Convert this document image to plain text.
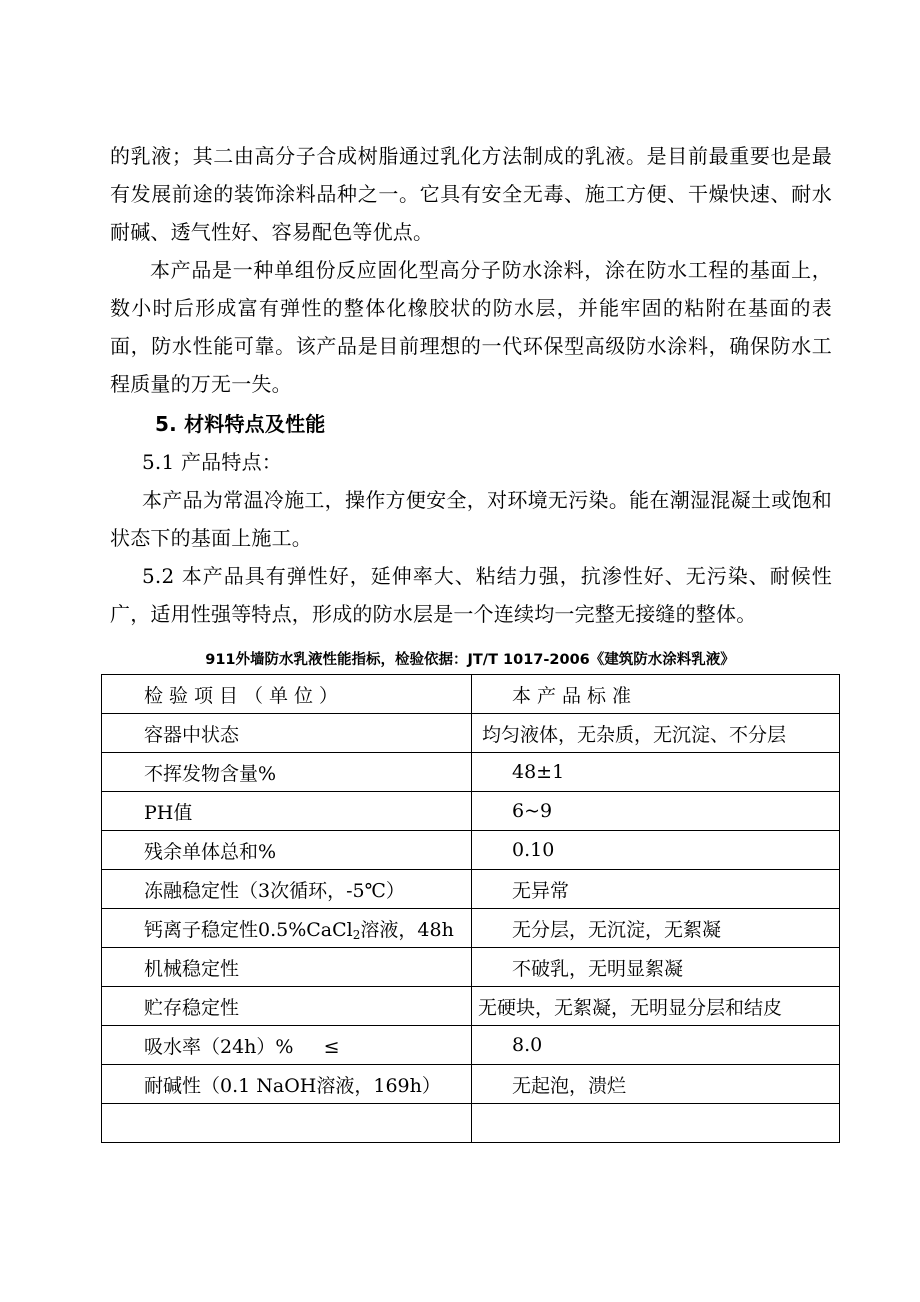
的乳液；其二由高分子合成树脂通过乳化方法制成的乳液。是目前最重要也是最有发展前途的装饰涂料品种之一。它具有安全无毒、施工方便、干燥快速、耐水耐碱、透气性好、容易配色等优点。

本产品是一种单组份反应固化型高分子防水涂料，涂在防水工程的基面上，数小时后形成富有弹性的整体化橡胶状的防水层，并能牢固的粘附在基面的表面，防水性能可靠。该产品是目前理想的一代环保型高级防水涂料，确保防水工程质量的万无一失。

5. 材料特点及性能

5.1 产品特点：

本产品为常温冷施工，操作方便安全，对环境无污染。能在潮湿混凝土或饱和状态下的基面上施工。

5.2 本产品具有弹性好，延伸率大、粘结力强，抗渗性好、无污染、耐候性广，适用性强等特点，形成的防水层是一个连续均一完整无接缝的整体。

911外墙防水乳液性能指标，检验依据：JT/T 1017-2006《建筑防水涂料乳液》
检验项目（单位）	本产品标准
容器中状态	均匀液体，无杂质，无沉淀、不分层
不挥发物含量%	48±1
PH值	6~9
残余单体总和%	0.10
冻融稳定性（3次循环，-5℃）	无异常
钙离子稳定性0.5%CaCl$_2$溶液，48h	无分层，无沉淀，无絮凝
机械稳定性	不破乳，无明显絮凝
贮存稳定性	无硬块，无絮凝，无明显分层和结皮
吸水率（24h）%     ≤	8.0
耐碱性（0.1 NaOH溶液，169h）	无起泡，溃烂
